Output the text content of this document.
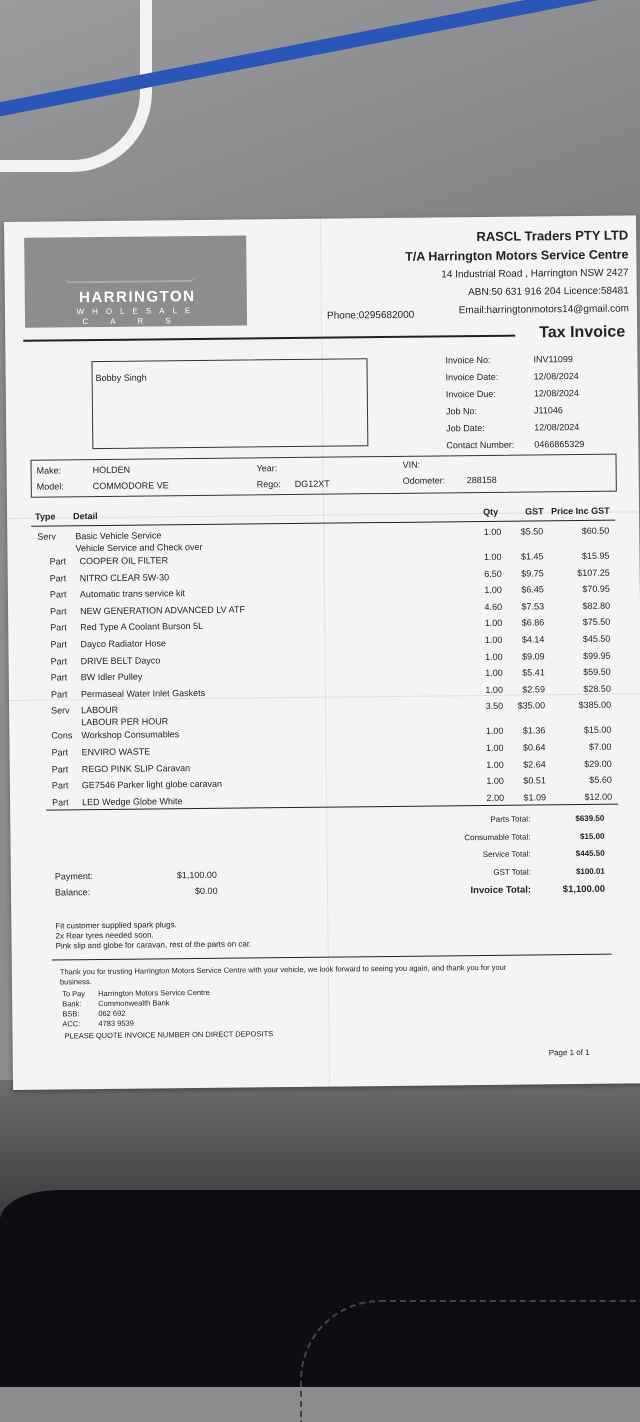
HARRINGTON
WHOLESALE
CARS
RASCL Traders PTY LTD
T/A Harrington Motors Service Centre
14 Industrial Road , Harrington NSW 2427
ABN:50 631 916 204 Licence:58481
Phone:0295682000	Email:harringtonmotors14@gmail.com
Tax Invoice
Bobby Singh
Invoice No:	INV11099
Invoice Date:	12/08/2024
Invoice Due:	12/08/2024
Job No:	J11046
Job Date:	12/08/2024
Contact Number: 0466865329
Make:	HOLDEN
Model:	COMMODORE VE
Year:
Rego: DG12XT
VIN:
Odometer: 288158
Type Detail	Qty	GST Price Inc GST
Serv Basic Vehicle Service	1.00 $5.50	$60.50
Vehicle Service and Check over
Part COOPER OIL FILTER	1.00 $1.45	$15.95
Part NITRO CLEAR 5W-30	6.50 $9.75	$107.25
Part Automatic trans service kit	1.00 $6.45	$70.95
Part NEW GENERATION ADVANCED LV ATF	4.60 $7.53	$82.80
Part Red Type A Coolant Burson 5L	1.00 $6.86	$75.50
Part Dayco Radiator Hose	1.00 $4.14	$45.50
Part DRIVE BELT Dayco	1.00 $9.09	$99.95
Part BW Idler Pulley	1.00 $5.41	$59.50
Part Permaseal Water Inlet Gaskets	1.00 $2.59	$28.50
Serv LABOUR	3.50 $35.00	$385.00
LABOUR PER HOUR
Cons Workshop Consumables	1.00 $1.36	$15.00
Part ENVIRO WASTE	1.00 $0.64	$7.00
Part REGO PINK SLIP Caravan	1.00 $2.64	$29.00
Part GE7546 Parker light globe caravan	1.00 $0.51	$5.60
Part LED Wedge Globe White	2.00 $1.09	$12.00
Parts Total:	$639.50
Consumable Total:	$15.00
Service Total:	$445.50
GST Total:	$100.01
Invoice Total:	$1,100.00
Payment:	$1,100.00
Balance:	$0.00
Fit customer supplied spark plugs.
2x Rear tyres needed soon.
Pink slip and globe for caravan, rest of the parts on car.
Thank you for trusting Harrington Motors Service Centre with your vehicle, we look forward to seeing you again, and thank you for your
business.
To Pay Harrington Motors Service Centre
Bank: Commonwealth Bank
BSB:	062 692
ACC: 4783 9539
PLEASE QUOTE INVOICE NUMBER ON DIRECT DEPOSITS
Page 1 of 1
